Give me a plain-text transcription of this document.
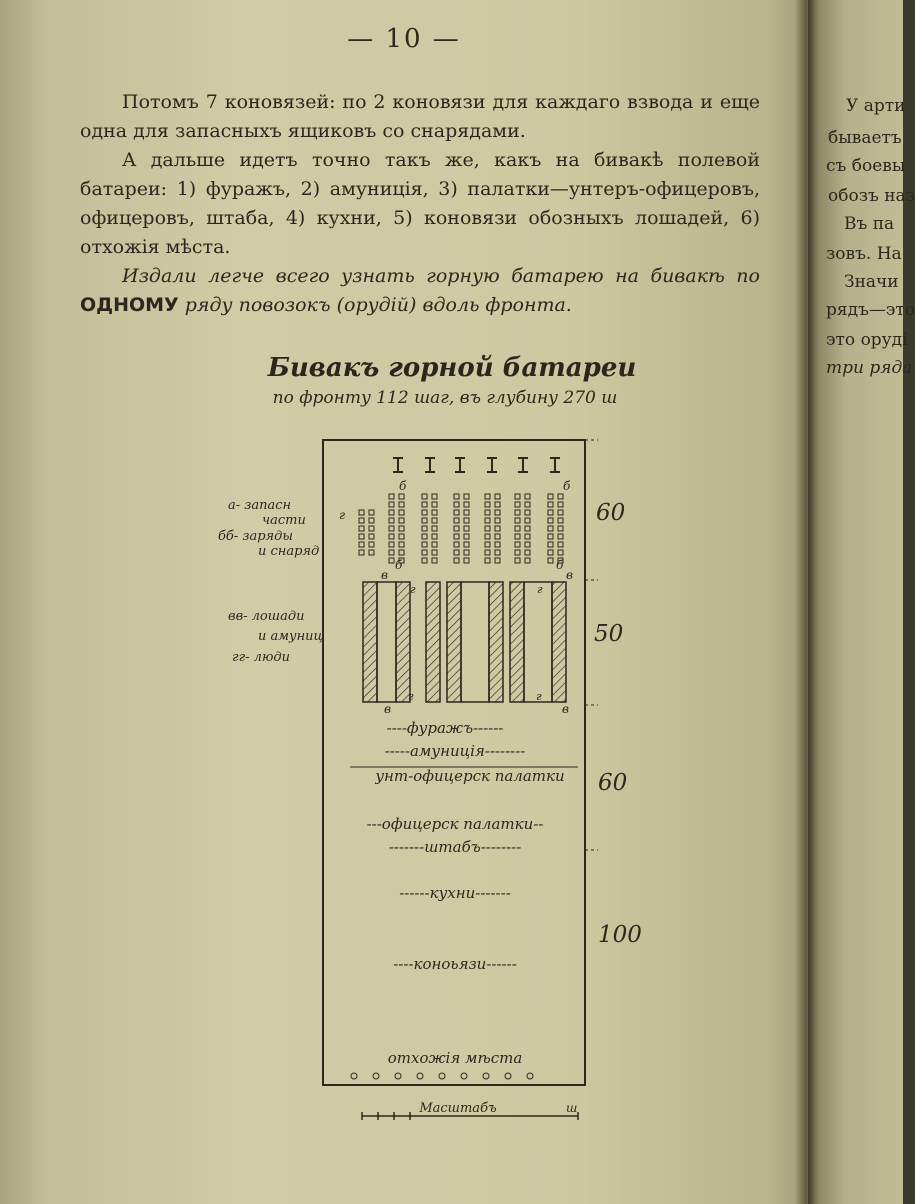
У арти
бываетъ
съ боевы
обозъ наз
Въ па
зовъ. На
Значи
рядъ—это
это орудi
три ряда
— 10 —

Потомъ 7 коновязей: по 2 коновязи для каждаго взвода и еще одна для запасныхъ ящиковъ со снарядами.

А дальше идетъ точно такъ же, какъ на бивакѣ полевой батареи: 1) фуражъ, 2) амуниція, 3) палатки—унтеръ-офицеровъ, офицеровъ, штаба, 4) кухни, 5) коновязи обозныхъ лошадей, 6) отхожія мѣста.

Издали легче всего узнать горную батарею на бивакѣ по ОДНОМУ ряду повозокъ (орудій) вдоль фронта.

Бивакъ горной батареи
по фронту 112 шаг, въ глубину 270 ш
б	б
г
б	б
в	в
в	в
г	г
г	г
а- запасн
части
бб- заряды
и снаряд
вв- лошади
и амуниц
гг- люди
60
50
60
100
----фуражъ------
-----амуниція--------
унт-офицерск палатки
---офицерск палатки--
-------штабъ--------
------кухни-------
----коноьязи------
отхожія мѣста
Масштабъ	ш
